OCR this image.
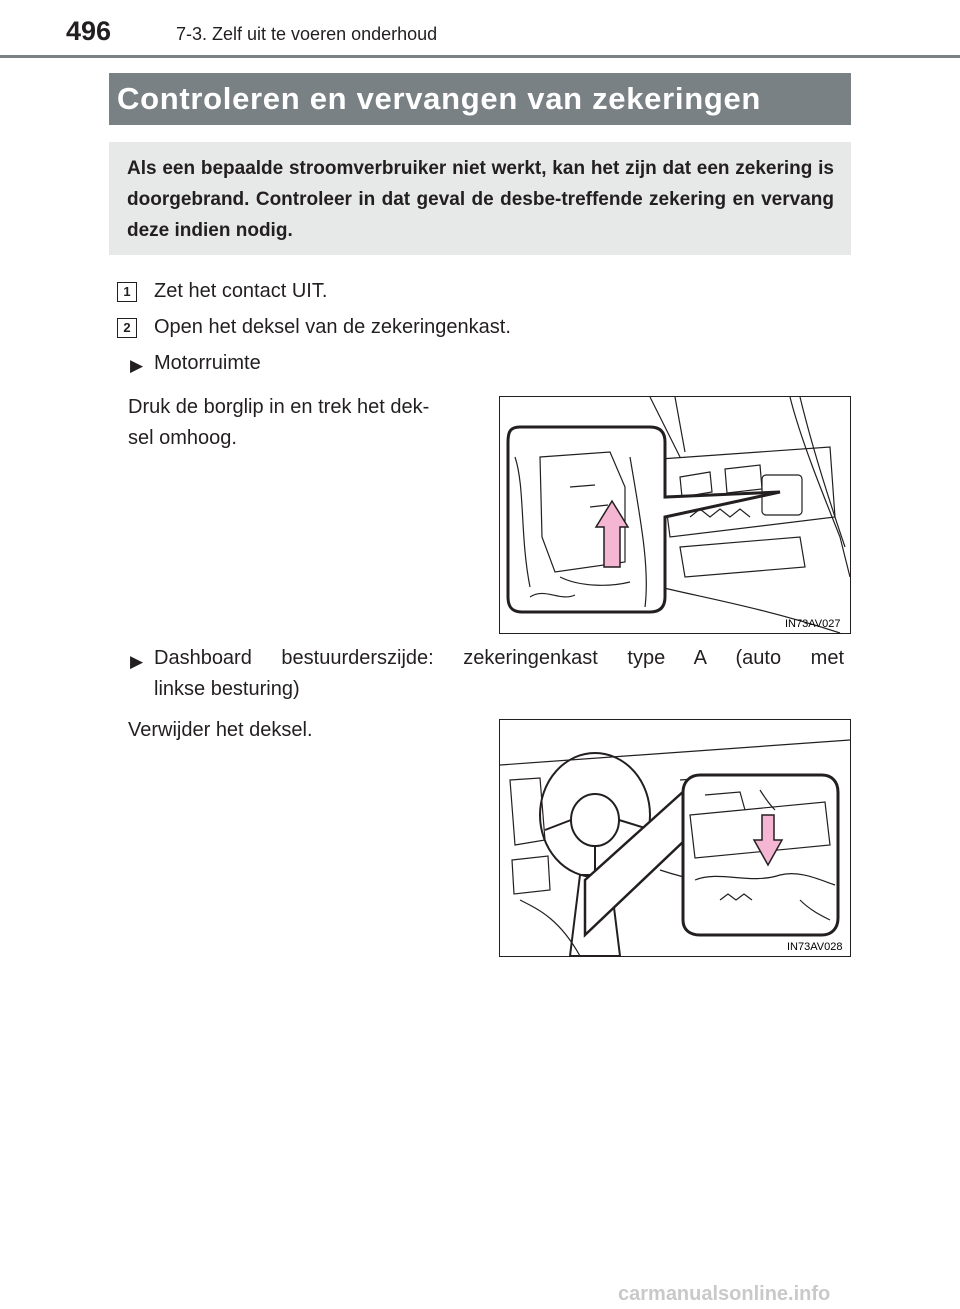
496	7-3. Zelf uit te voeren onderhoud
Controleren en vervangen van zekeringen
Als een bepaalde stroomverbruiker niet werkt, kan het zijn dat een zekering is doorgebrand. Controleer in dat geval de desbe-treffende zekering en vervang deze indien nodig.
1	Zet het contact UIT.
2	Open het deksel van de zekeringenkast.
▶ Motorruimte
Druk de borglip in en trek het dek-
sel omhoog.
IN73AV027
▶ Dashboard bestuurderszijde: zekeringenkast type A (auto met
linkse besturing)
Verwijder het deksel.
IN73AV028
carmanualsonline.info
